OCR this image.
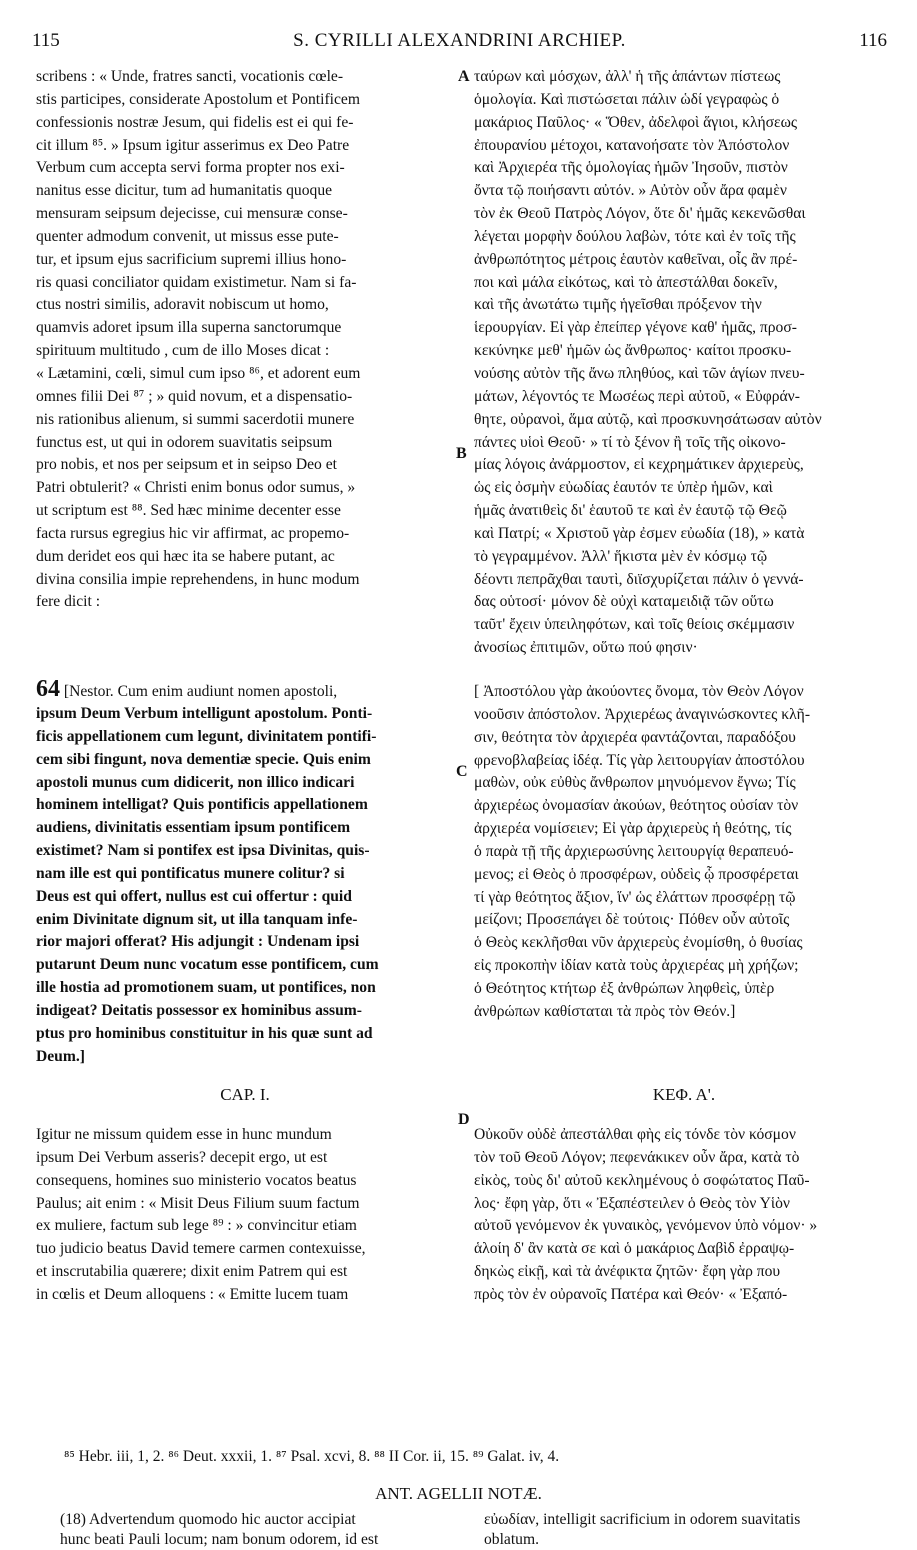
115	S. CYRILLI ALEXANDRINI ARCHIEP.	116
A
B
C
D
scribens : « Unde, fratres sancti, vocationis cœle-
stis participes, considerate Apostolum et Pontificem
confessionis nostræ Jesum, qui fidelis est ei qui fe-
cit illum ⁸⁵. » Ipsum igitur asserimus ex Deo Patre
Verbum cum accepta servi forma propter nos exi-
nanitus esse dicitur, tum ad humanitatis quoque
mensuram seipsum dejecisse, cui mensuræ conse-
quenter admodum convenit, ut missus esse pute-
tur, et ipsum ejus sacrificium supremi illius hono-
ris quasi conciliator quidam existimetur. Nam si fa-
ctus nostri similis, adoravit nobiscum ut homo,
quamvis adoret ipsum illa superna sanctorumque
spirituum multitudo , cum de illo Moses dicat :
« Lætamini, cœli, simul cum ipso ⁸⁶, et adorent eum
omnes filii Dei ⁸⁷ ; » quid novum, et a dispensatio-
nis rationibus alienum, si summi sacerdotii munere
functus est, ut qui in odorem suavitatis seipsum
pro nobis, et nos per seipsum et in seipso Deo et
Patri obtulerit? « Christi enim bonus odor sumus, »
ut scriptum est ⁸⁸. Sed hæc minime decenter esse
facta rursus egregius hic vir affirmat, ac propemo-
dum deridet eos qui hæc ita se habere putant, ac
divina consilia impie reprehendens, in hunc modum
fere dicit :
64 [Nestor. Cum enim audiunt nomen apostoli,
ipsum Deum Verbum intelligunt apostolum. Ponti-
ficis appellationem cum legunt, divinitatem pontifi-
cem sibi fingunt, nova dementiæ specie. Quis enim
apostoli munus cum didicerit, non illico indicari
hominem intelligat? Quis pontificis appellationem
audiens, divinitatis essentiam ipsum pontificem
existimet? Nam si pontifex est ipsa Divinitas, quis-
nam ille est qui pontificatus munere colitur? si
Deus est qui offert, nullus est cui offertur : quid
enim Divinitate dignum sit, ut illa tanquam infe-
rior majori offerat? His adjungit : Undenam ipsi
putarunt Deum nunc vocatum esse pontificem, cum
ille hostia ad promotionem suam, ut pontifices, non
indigeat? Deitatis possessor ex hominibus assum-
ptus pro hominibus constituitur in his quæ sunt ad
Deum.]
CAP. I.
Igitur ne missum quidem esse in hunc mundum
ipsum Dei Verbum asseris? decepit ergo, ut est
consequens, homines suo ministerio vocatos beatus
Paulus; ait enim : « Misit Deus Filium suum factum
ex muliere, factum sub lege ⁸⁹ : » convincitur etiam
tuo judicio beatus David temere carmen contexuisse,
et inscrutabilia quærere; dixit enim Patrem qui est
in cœlis et Deum alloquens : « Emitte lucem tuam
ταύρων καὶ μόσχων, ἀλλ' ἡ τῆς ἁπάντων πίστεως
ὁμολογία. Καὶ πιστώσεται πάλιν ὡδί γεγραφὼς ὁ
μακάριος Παῦλος· « Ὅθεν, ἀδελφοὶ ἅγιοι, κλήσεως
ἐπουρανίου μέτοχοι, κατανοήσατε τὸν Ἀπόστολον
καὶ Ἀρχιερέα τῆς ὁμολογίας ἡμῶν Ἰησοῦν, πιστὸν
ὄντα τῷ ποιήσαντι αὐτόν. » Αὐτὸν οὖν ἄρα φαμὲν
τὸν ἐκ Θεοῦ Πατρὸς Λόγον, ὅτε δι' ἡμᾶς κεκενῶσθαι
λέγεται μορφὴν δούλου λαβὼν, τότε καὶ ἐν τοῖς τῆς
ἀνθρωπότητος μέτροις ἑαυτὸν καθεῖναι, οἷς ἂν πρέ-
ποι καὶ μάλα εἰκότως, καὶ τὸ ἀπεστάλθαι δοκεῖν,
καὶ τῆς ἀνωτάτω τιμῆς ἡγεῖσθαι πρόξενον τὴν
ἱερουργίαν. Εἰ γὰρ ἐπείπερ γέγονε καθ' ἡμᾶς, προσ-
κεκύνηκε μεθ' ἡμῶν ὡς ἄνθρωπος· καίτοι προσκυ-
νούσης αὐτὸν τῆς ἄνω πληθύος, καὶ τῶν ἁγίων πνευ-
μάτων, λέγοντός τε Μωσέως περὶ αὐτοῦ, « Εὐφράν-
θητε, οὐρανοὶ, ἅμα αὐτῷ, καὶ προσκυνησάτωσαν αὐτὸν
πάντες υἱοὶ Θεοῦ· » τί τὸ ξένον ἢ τοῖς τῆς οἰκονο-
μίας λόγοις ἀνάρμοστον, εἰ κεχρημάτικεν ἀρχιερεὺς,
ὡς εἰς ὀσμὴν εὐωδίας ἑαυτόν τε ὑπὲρ ἡμῶν, καὶ
ἡμᾶς ἀνατιθεὶς δι' ἑαυτοῦ τε καὶ ἐν ἑαυτῷ τῷ Θεῷ
καὶ Πατρί; « Χριστοῦ γὰρ ἐσμεν εὐωδία (18), » κατὰ
τὸ γεγραμμένον. Ἀλλ' ἥκιστα μὲν ἐν κόσμῳ τῷ
δέοντι πεπρᾶχθαι ταυτὶ, διϊσχυρίζεται πάλιν ὁ γεννά-
δας οὑτοσί· μόνον δὲ οὐχὶ καταμειδιᾷ τῶν οὕτω
ταῦτ' ἔχειν ὑπειληφότων, καὶ τοῖς θείοις σκέμμασιν
ἀνοσίως ἐπιτιμῶν, οὕτω πού φησιν·
[ Ἀποστόλου γὰρ ἀκούοντες ὄνομα, τὸν Θεὸν Λόγον
νοοῦσιν ἀπόστολον. Ἀρχιερέως ἀναγινώσκοντες κλῆ-
σιν, θεότητα τὸν ἀρχιερέα φαντάζονται, παραδόξου
φρενοβλαβείας ἰδέᾳ. Τίς γὰρ λειτουργίαν ἀποστόλου
μαθὼν, οὐκ εὐθὺς ἄνθρωπον μηνυόμενον ἔγνω; Τίς
ἀρχιερέως ὀνομασίαν ἀκούων, θεότητος οὐσίαν τὸν
ἀρχιερέα νομίσειεν; Εἰ γὰρ ἀρχιερεὺς ἡ θεότης, τίς
ὁ παρὰ τῇ τῆς ἀρχιερωσύνης λειτουργίᾳ θεραπευό-
μενος; εἰ Θεὸς ὁ προσφέρων, οὐδεὶς ᾧ προσφέρεται
τί γὰρ θεότητος ἄξιον, ἵν' ὡς ἐλάττων προσφέρῃ τῷ
μείζονι; Προσεπάγει δὲ τούτοις· Πόθεν οὖν αὐτοῖς
ὁ Θεὸς κεκλῆσθαι νῦν ἀρχιερεὺς ἐνομίσθη, ὁ θυσίας
εἰς προκοπὴν ἰδίαν κατὰ τοὺς ἀρχιερέας μὴ χρήζων;
ὁ Θεότητος κτήτωρ ἐξ ἀνθρώπων ληφθεὶς, ὑπὲρ
ἀνθρώπων καθίσταται τὰ πρὸς τὸν Θεόν.]
ΚΕΦ. Α'.
Οὐκοῦν οὐδὲ ἀπεστάλθαι φὴς εἰς τόνδε τὸν κόσμον
τὸν τοῦ Θεοῦ Λόγον; πεφενάκικεν οὖν ἄρα, κατὰ τὸ
εἰκὸς, τοὺς δι' αὐτοῦ κεκλημένους ὁ σοφώτατος Παῦ-
λος· ἔφη γὰρ, ὅτι « Ἐξαπέστειλεν ὁ Θεὸς τὸν Υἱὸν
αὐτοῦ γενόμενον ἐκ γυναικὸς, γενόμενον ὑπὸ νόμον· »
ἁλοίη δ' ἂν κατὰ σε καὶ ὁ μακάριος Δαβὶδ ἐρραψῳ-
δηκὼς εἰκῇ, καὶ τὰ ἀνέφικτα ζητῶν· ἔφη γὰρ που
πρὸς τὸν ἐν οὐρανοῖς Πατέρα καὶ Θεόν· « Ἐξαπό-
⁸⁵ Hebr. iii, 1, 2. ⁸⁶ Deut. xxxii, 1. ⁸⁷ Psal. xcvi, 8. ⁸⁸ II Cor. ii, 15. ⁸⁹ Galat. iv, 4.
ANT. AGELLII NOTÆ.
(18) Advertendum quomodo hic auctor accipiat
hunc beati Pauli locum; nam bonum odorem, id est
εὐωδίαν, intelligit sacrificium in odorem suavitatis
oblatum.
